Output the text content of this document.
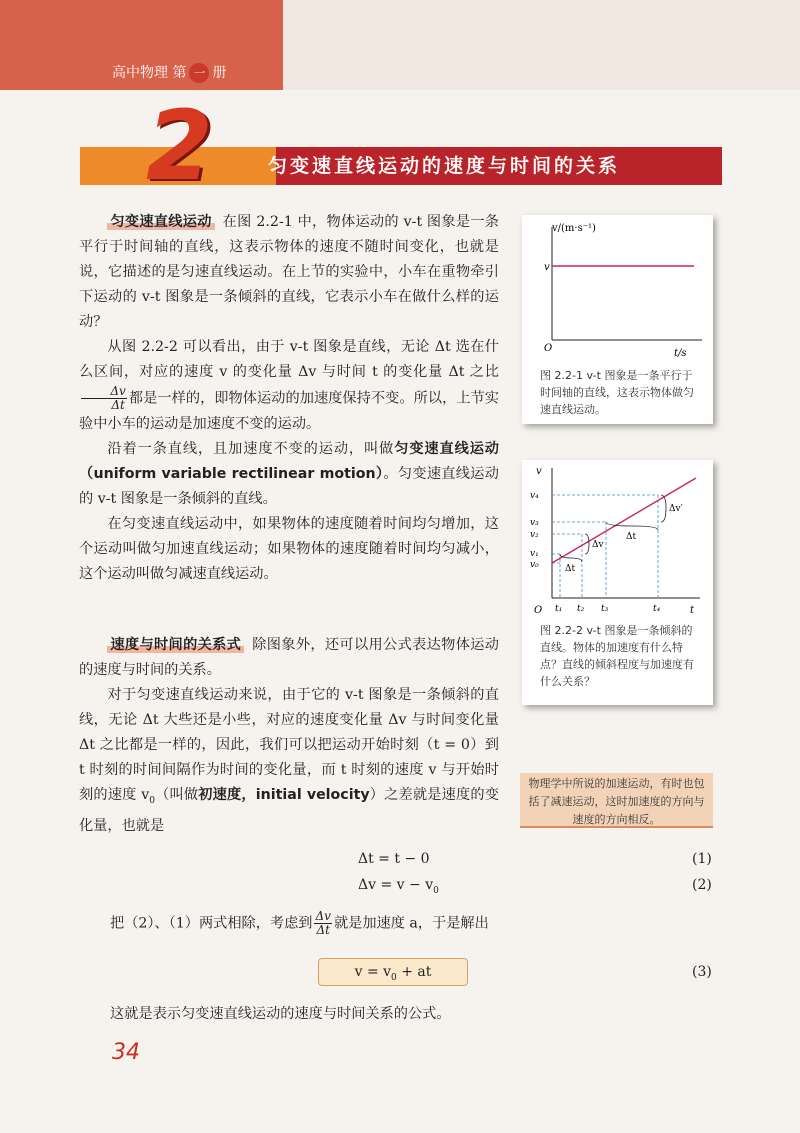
高中物理 第 一 册
2	匀变速直线运动的速度与时间的关系

匀变速直线运动 在图 2.2-1 中，物体运动的 v-t 图象是一条平行于时间轴的直线，这表示物体的速度不随时间变化，也就是说，它描述的是匀速直线运动。在上节的实验中，小车在重物牵引下运动的 v-t 图象是一条倾斜的直线，它表示小车在做什么样的运动？

从图 2.2-2 可以看出，由于 v-t 图象是直线，无论 Δt 选在什么区间，对应的速度 v 的变化量 Δv 与时间 t 的变化量 Δt 之比
$\frac{\Delta v}{\Delta t}$ 都是一样的，即物体运动的加速度保持不变。所以，上节实验中小车的运动是加速度不变的运动。

沿着一条直线，且加速度不变的运动，叫做匀变速直线运动（uniform variable rectilinear motion）。匀变速直线运动的 v-t 图象是一条倾斜的直线。

在匀变速直线运动中，如果物体的速度随着时间均匀增加，这个运动叫做匀加速直线运动；如果物体的速度随着时间均匀减小，这个运动叫做匀减速直线运动。

速度与时间的关系式 除图象外，还可以用公式表达物体运动的速度与时间的关系。

对于匀变速直线运动来说，由于它的 v-t 图象是一条倾斜的直线，无论 Δt 大些还是小些，对应的速度变化量 Δv 与时间变化量 Δt 之比都是一样的，因此，我们可以把运动开始时刻（t = 0）到 t 时刻的时间间隔作为时间的变化量，而 t 时刻的速度 v 与开始时刻的速度 $v_0$（叫做初速度，initial velocity）之差就是速度的变化量，也就是

Δt = t − 0	(1)
$\Delta v = v - v_0$	(2)
把（2）、（1）两式相除，考虑到 $\frac{\Delta v}{\Delta t}$ 就是加速度 a，于是解出
$v = v_0$ + at	(3)
这就是表示匀变速直线运动的速度与时间关系的公式。
34
v/(m·s⁻¹)
t/s
v
O
图 2.2-1 v-t 图象是一条平行于时间轴的直线，这表示物体做匀速直线运动。
v
t
O
v₄
v₃
v₂
v₁
v₀
t₁ t₂ t₃	t₄
Δt
Δv
Δt
Δv′
图 2.2-2 v-t 图象是一条倾斜的直线。物体的加速度有什么特点？直线的倾斜程度与加速度有什么关系？
物理学中所说的加速运动，有时也包括了减速运动，这时加速度的方向与速度的方向相反。
